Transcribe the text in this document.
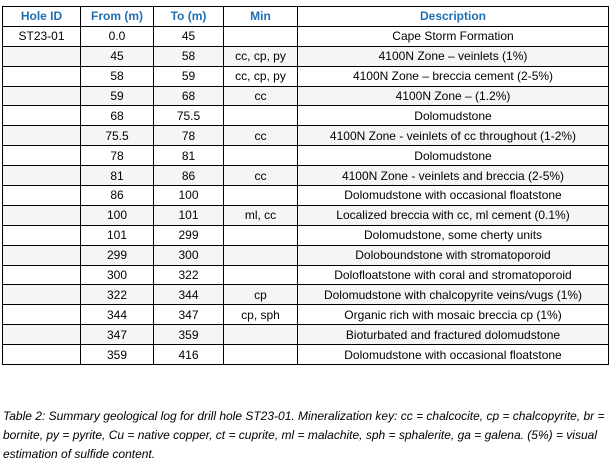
Hole ID	From (m)	To (m)	Min	Description
ST23-01	0.0	45		Cape Storm Formation
	45	58	cc, cp, py	4100N Zone – veinlets (1%)
	58	59	cc, cp, py	4100N Zone – breccia cement (2-5%)
	59	68	cc	4100N Zone – (1.2%)
	68	75.5		Dolomudstone
	75.5	78	cc	4100N Zone - veinlets of cc throughout (1-2%)
	78	81		Dolomudstone
	81	86	cc	4100N Zone - veinlets and breccia (2-5%)
	86	100		Dolomudstone with occasional floatstone
	100	101	ml, cc	Localized breccia with cc, ml cement (0.1%)
	101	299		Dolomudstone, some cherty units
	299	300		Doloboundstone with stromatoporoid
	300	322		Dolofloatstone with coral and stromatoporoid
	322	344	cp	Dolomudstone with chalcopyrite veins/vugs (1%)
	344	347	cp, sph	Organic rich with mosaic breccia cp (1%)
	347	359		Bioturbated and fractured dolomudstone
	359	416		Dolomudstone with occasional floatstone
Table 2: Summary geological log for drill hole ST23-01. Mineralization key: cc = chalcocite, cp = chalcopyrite, br = bornite, py = pyrite, Cu = native copper, ct = cuprite, ml = malachite, sph = sphalerite, ga = galena. (5%) = visual estimation of sulfide content.
